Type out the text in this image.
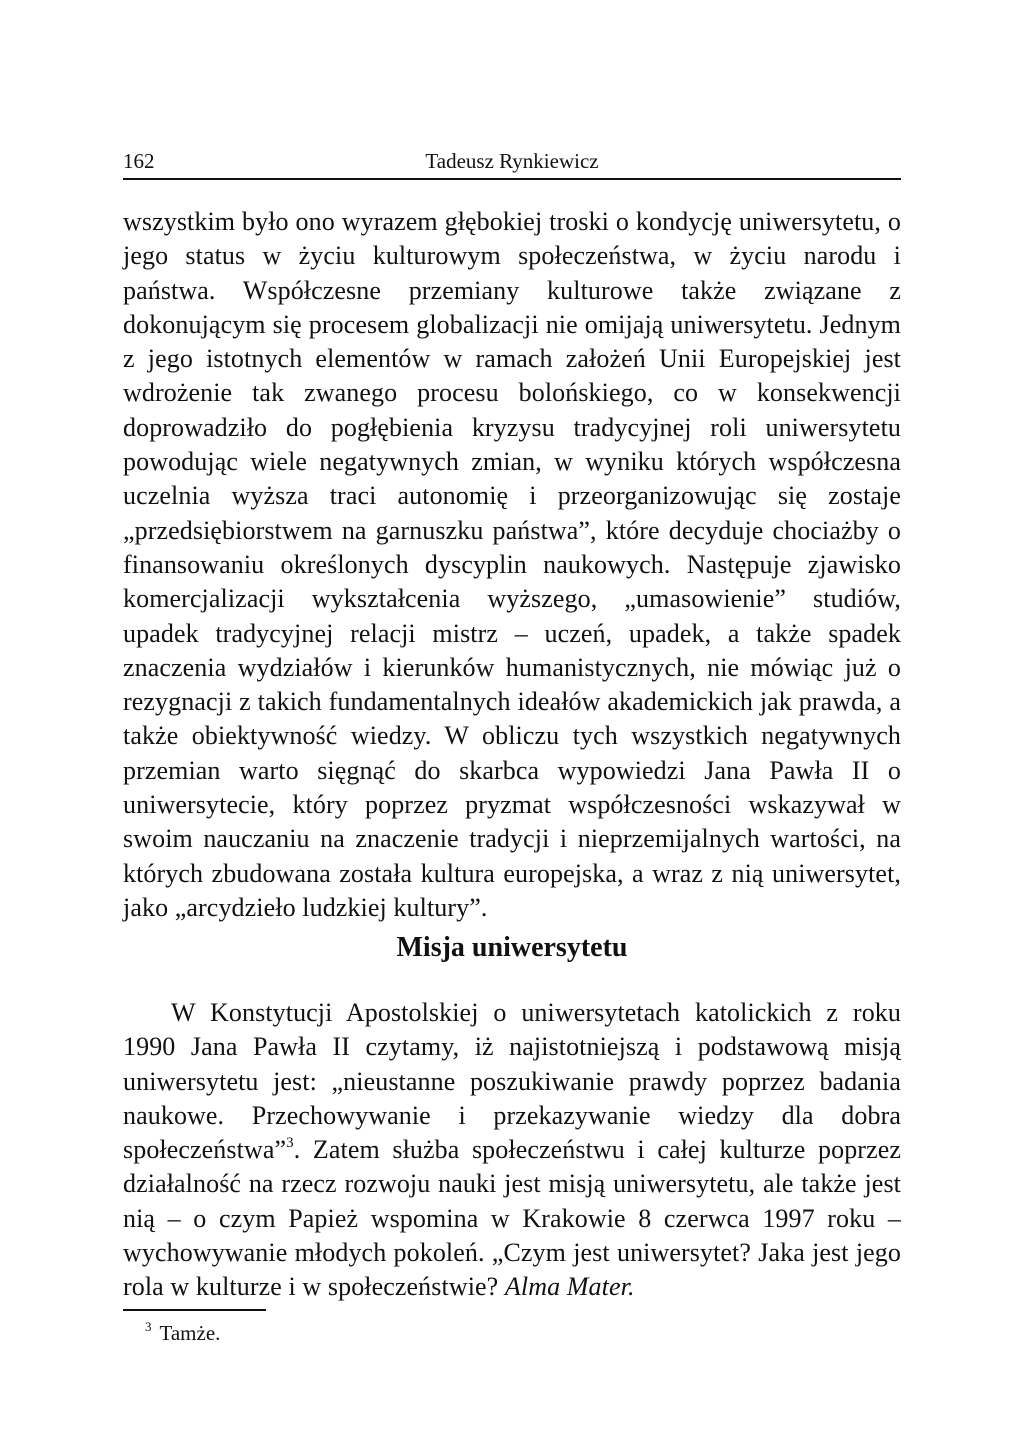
162	Tadeusz Rynkiewicz

wszystkim było ono wyrazem głębokiej troski o kondycję uniwersytetu, o jego status w życiu kulturowym społeczeństwa, w życiu narodu i państwa. Współczesne przemiany kulturowe także związane z dokonującym się procesem globalizacji nie omijają uniwersytetu. Jednym z jego istotnych elementów w ramach założeń Unii Europejskiej jest wdrożenie tak zwanego procesu bolońskiego, co w konsekwencji doprowadziło do pogłębienia kryzysu tradycyjnej roli uniwersytetu powodując wiele negatywnych zmian, w wyniku których współczesna uczelnia wyższa traci autonomię i przeorganizowując się zostaje „przedsiębiorstwem na garnuszku państwa”, które decyduje chociażby o finansowaniu określonych dyscyplin naukowych. Następuje zjawisko komercjalizacji wykształcenia wyższego, „umasowienie” studiów, upadek tradycyjnej relacji mistrz – uczeń, upadek, a także spadek znaczenia wydziałów i kierunków humanistycznych, nie mówiąc już o rezygnacji z takich fundamentalnych ideałów akademickich jak prawda, a także obiektywność wiedzy. W obliczu tych wszystkich negatywnych przemian warto sięgnąć do skarbca wypowiedzi Jana Pawła II o uniwersytecie, który poprzez pryzmat współczesności wskazywał w swoim nauczaniu na znaczenie tradycji i nieprzemijalnych wartości, na których zbudowana została kultura europejska, a wraz z nią uniwersytet, jako „arcydzieło ludzkiej kultury”.

Misja uniwersytetu

W Konstytucji Apostolskiej o uniwersytetach katolickich z roku 1990 Jana Pawła II czytamy, iż najistotniejszą i podstawową misją uniwersytetu jest: „nieustanne poszukiwanie prawdy poprzez badania naukowe. Przechowywanie i przekazywanie wiedzy dla dobra społeczeństwa”$^3$. Zatem służba społeczeństwu i całej kulturze poprzez działalność na rzecz rozwoju nauki jest misją uniwersytetu, ale także jest nią – o czym Papież wspomina w Krakowie 8 czerwca 1997 roku – wychowywanie młodych pokoleń. „Czym jest uniwersytet? Jaka jest jego rola w kulturze i w społeczeństwie? Alma Mater.

$^3$ Tamże.
